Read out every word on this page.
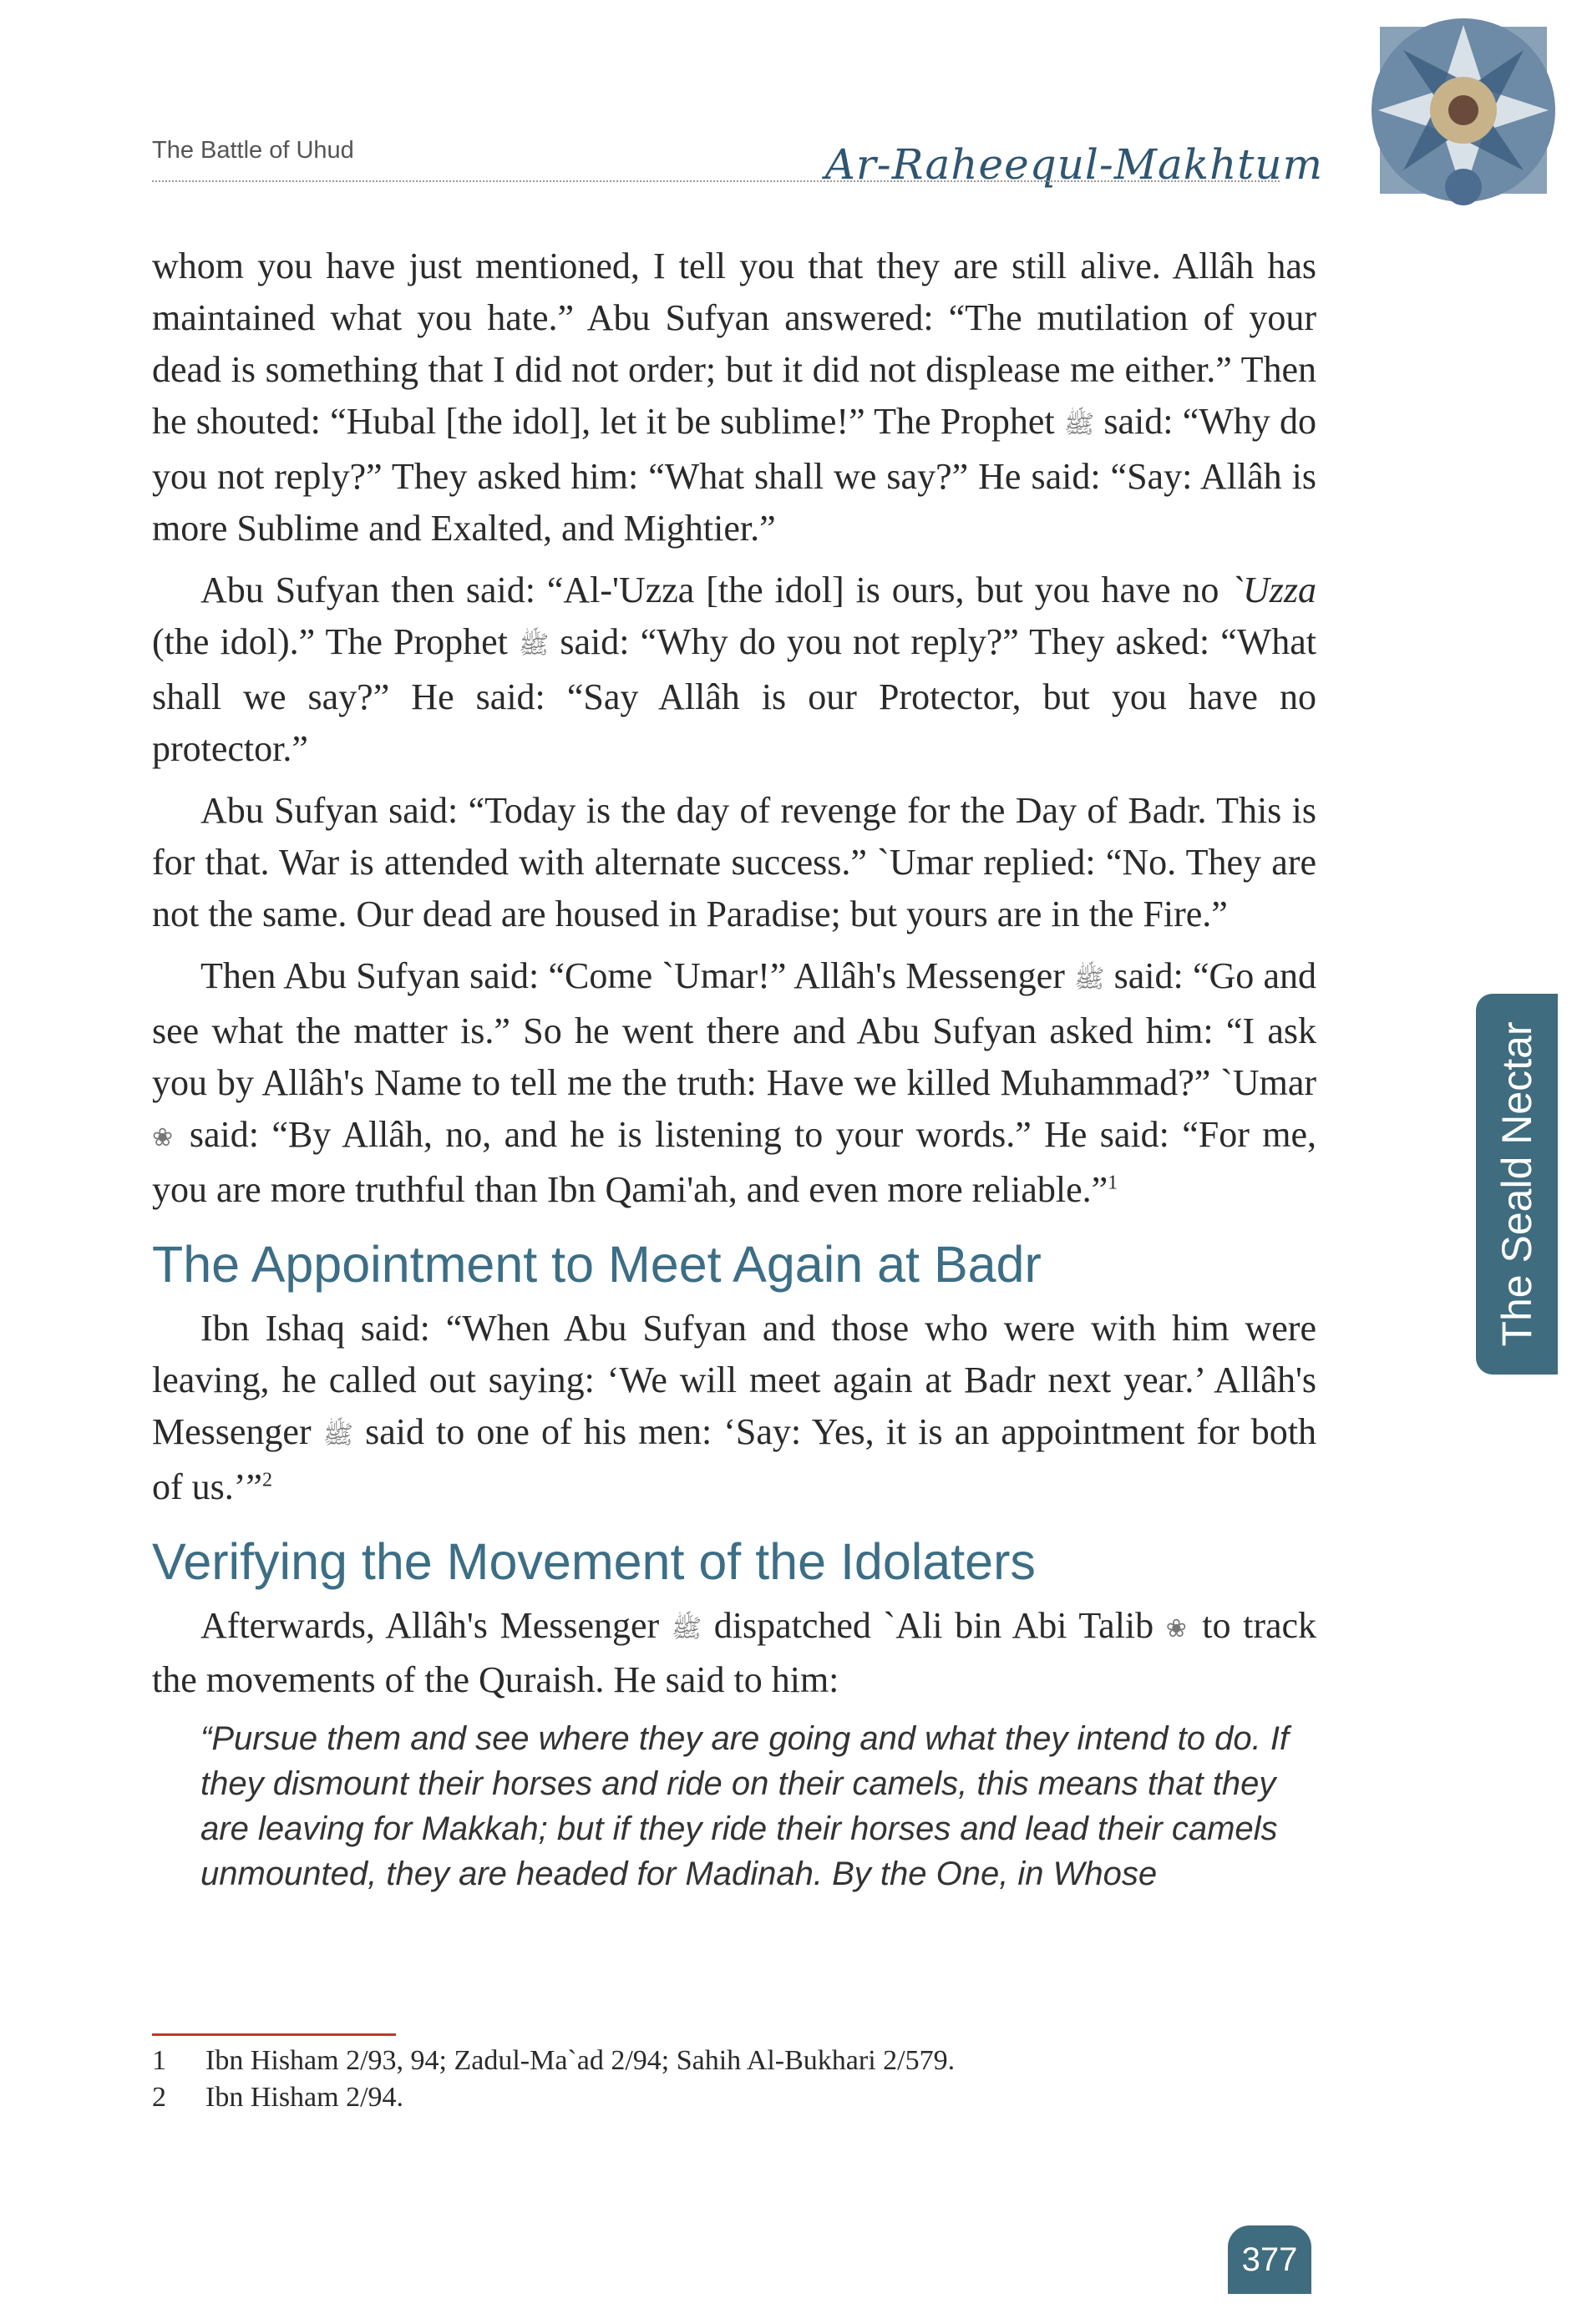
The Battle of Uhud	Ar-Raheequl-Makhtum

whom you have just mentioned, I tell you that they are still alive. Allâh has maintained what you hate.” Abu Sufyan answered: “The mutilation of your dead is something that I did not order; but it did not displease me either.” Then he shouted: “Hubal [the idol], let it be sublime!” The Prophet ﷺ said: “Why do you not reply?” They asked him: “What shall we say?” He said: “Say: Allâh is more Sublime and Exalted, and Mightier.”

Abu Sufyan then said: “Al-'Uzza [the idol] is ours, but you have no `Uzza (the idol).” The Prophet ﷺ said: “Why do you not reply?” They asked: “What shall we say?” He said: “Say Allâh is our Protector, but you have no protector.”

Abu Sufyan said: “Today is the day of revenge for the Day of Badr. This is for that. War is attended with alternate success.” `Umar replied: “No. They are not the same. Our dead are housed in Paradise; but yours are in the Fire.”

Then Abu Sufyan said: “Come `Umar!” Allâh's Messenger ﷺ said: “Go and see what the matter is.” So he went there and Abu Sufyan asked him: “I ask you by Allâh's Name to tell me the truth: Have we killed Muhammad?” `Umar ❀ said: “By Allâh, no, and he is listening to your words.” He said: “For me, you are more truthful than Ibn Qami'ah, and even more reliable.”$^1$

The Appointment to Meet Again at Badr

Ibn Ishaq said: “When Abu Sufyan and those who were with him were leaving, he called out saying: ‘We will meet again at Badr next year.’ Allâh's Messenger ﷺ said to one of his men: ‘Say: Yes, it is an appointment for both of us.’”$^2$

Verifying the Movement of the Idolaters

Afterwards, Allâh's Messenger ﷺ dispatched `Ali bin Abi Talib ❀ to track the movements of the Quraish. He said to him:

“Pursue them and see where they are going and what they intend to do. If they dismount their horses and ride on their camels, this means that they are leaving for Makkah; but if they ride their horses and lead their camels unmounted, they are headed for Madinah. By the One, in Whose

1 Ibn Hisham 2/93, 94; Zadul-Ma`ad 2/94; Sahih Al-Bukhari 2/579.
2 Ibn Hisham 2/94.
The Seald Nectar
377
